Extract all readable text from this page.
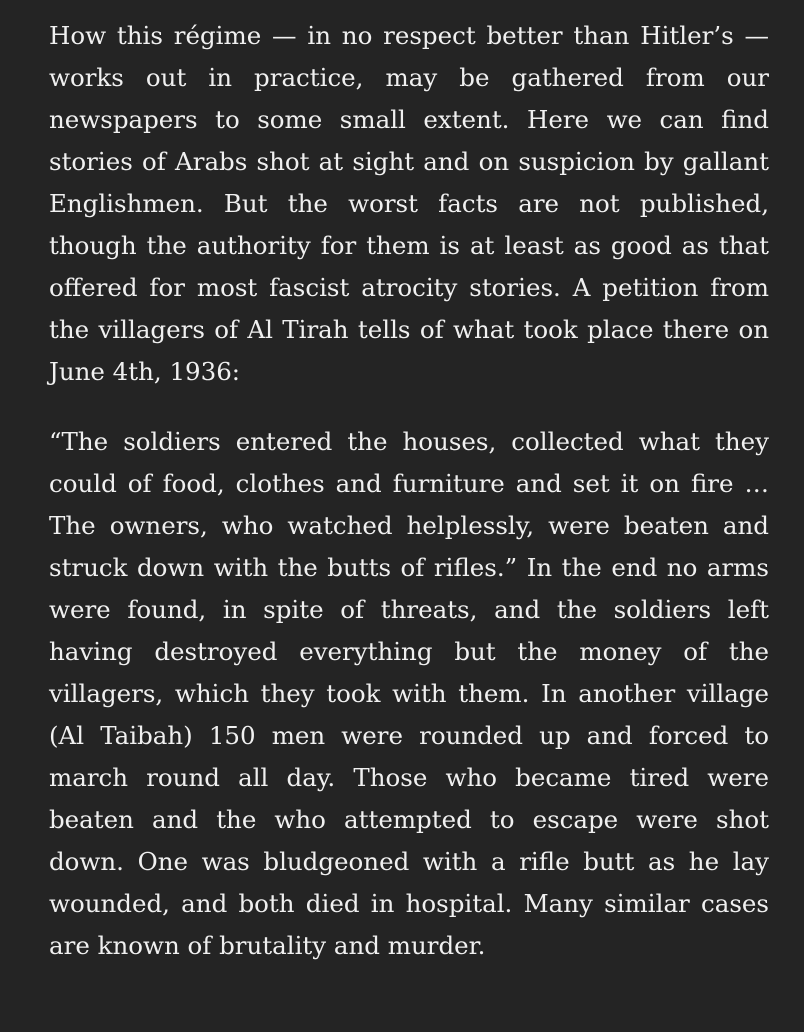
How this régime — in no respect better than Hitler’s — works out in practice, may be gathered from our newspapers to some small extent. Here we can find stories of Arabs shot at sight and on suspicion by gallant Englishmen. But the worst facts are not published, though the authority for them is at least as good as that offered for most fascist atrocity stories. A petition from the villagers of Al Tirah tells of what took place there on June 4th, 1936:

“The soldiers entered the houses, collected what they could of food, clothes and furniture and set it on fire … The owners, who watched helplessly, were beaten and struck down with the butts of rifles.” In the end no arms were found, in spite of threats, and the soldiers left having destroyed everything but the money of the villagers, which they took with them. In another village (Al Taibah) 150 men were rounded up and forced to march round all day. Those who became tired were beaten and the who attempted to escape were shot down. One was bludgeoned with a rifle butt as he lay wounded, and both died in hospital. Many similar cases are known of brutality and murder.
